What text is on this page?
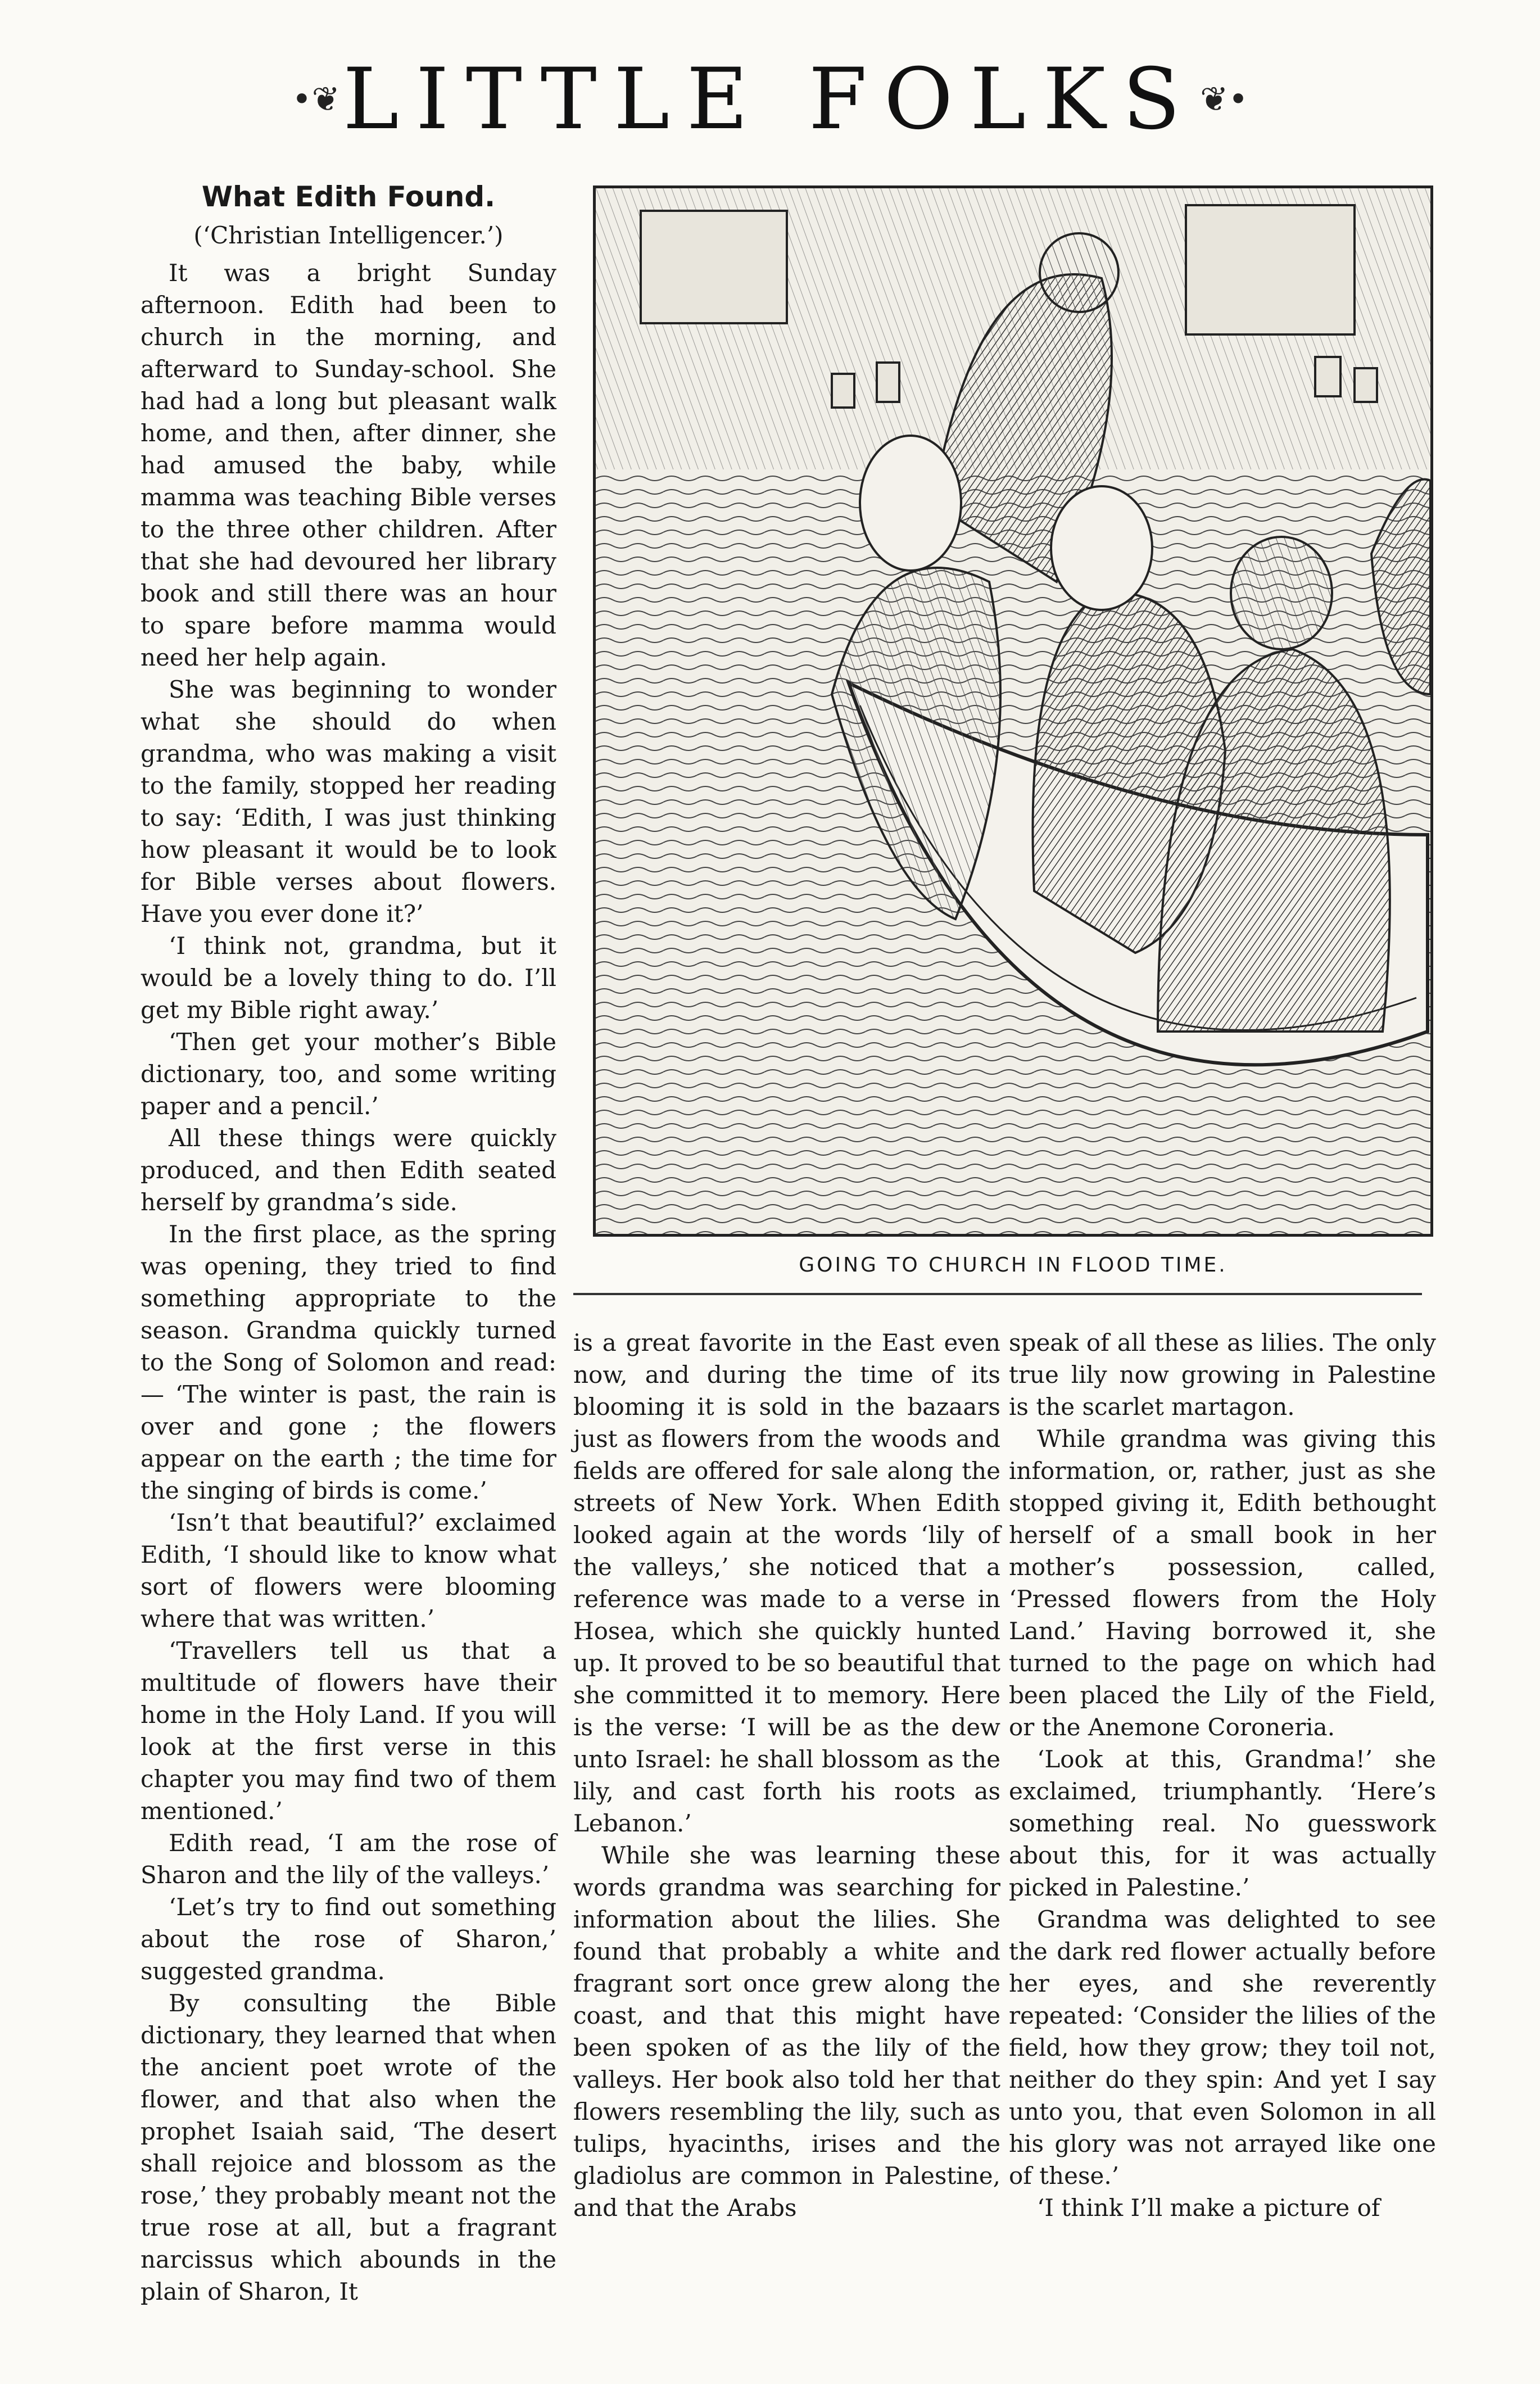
•❦ LITTLE FOLKS ❦•
What Edith Found.
(‘Christian Intelligencer.’)

It was a bright Sunday afternoon. Edith had been to church in the morning, and afterward to Sunday-school. She had had a long but pleasant walk home, and then, after dinner, she had amused the baby, while mamma was teaching Bible verses to the three other children. After that she had devoured her library book and still there was an hour to spare before mamma would need her help again.

She was beginning to wonder what she should do when grandma, who was making a visit to the family, stopped her reading to say: ‘Edith, I was just thinking how pleasant it would be to look for Bible verses about flowers. Have you ever done it?’

‘I think not, grandma, but it would be a lovely thing to do. I’ll get my Bible right away.’

‘Then get your mother’s Bible dictionary, too, and some writing paper and a pencil.’

All these things were quickly produced, and then Edith seated herself by grandma’s side.

In the first place, as the spring was opening, they tried to find something appropriate to the season. Grandma quickly turned to the Song of Solomon and read: — ‘The winter is past, the rain is over and gone ; the flowers appear on the earth ; the time for the singing of birds is come.’

‘Isn’t that beautiful?’ exclaimed Edith, ‘I should like to know what sort of flowers were blooming where that was written.’

‘Travellers tell us that a multitude of flowers have their home in the Holy Land. If you will look at the first verse in this chapter you may find two of them mentioned.’

Edith read, ‘I am the rose of Sharon and the lily of the valleys.’

‘Let’s try to find out something about the rose of Sharon,’ suggested grandma.

By consulting the Bible dictionary, they learned that when the ancient poet wrote of the flower, and that also when the prophet Isaiah said, ‘The desert shall rejoice and blossom as the rose,’ they probably meant not the true rose at all, but a fragrant narcissus which abounds in the plain of Sharon, It

GOING TO CHURCH IN FLOOD TIME.

is a great favorite in the East even now, and during the time of its blooming it is sold in the bazaars just as flowers from the woods and fields are offered for sale along the streets of New York. When Edith looked again at the words ‘lily of the valleys,’ she noticed that a reference was made to a verse in Hosea, which she quickly hunted up. It proved to be so beautiful that she committed it to memory. Here is the verse: ‘I will be as the dew unto Israel: he shall blossom as the lily, and cast forth his roots as Lebanon.’

While she was learning these words grandma was searching for information about the lilies. She found that probably a white and fragrant sort once grew along the coast, and that this might have been spoken of as the lily of the valleys. Her book also told her that flowers resembling the lily, such as tulips, hyacinths, irises and the gladiolus are common in Palestine, and that the Arabs

speak of all these as lilies. The only true lily now growing in Palestine is the scarlet martagon.

While grandma was giving this information, or, rather, just as she stopped giving it, Edith bethought herself of a small book in her mother’s possession, called, ‘Pressed flowers from the Holy Land.’ Having borrowed it, she turned to the page on which had been placed the Lily of the Field, or the Anemone Coroneria.

‘Look at this, Grandma!’ she exclaimed, triumphantly. ‘Here’s something real. No guesswork about this, for it was actually picked in Palestine.’

Grandma was delighted to see the dark red flower actually before her eyes, and she reverently repeated: ‘Consider the lilies of the field, how they grow; they toil not, neither do they spin: And yet I say unto you, that even Solomon in all his glory was not arrayed like one of these.’

‘I think I’ll make a picture of
